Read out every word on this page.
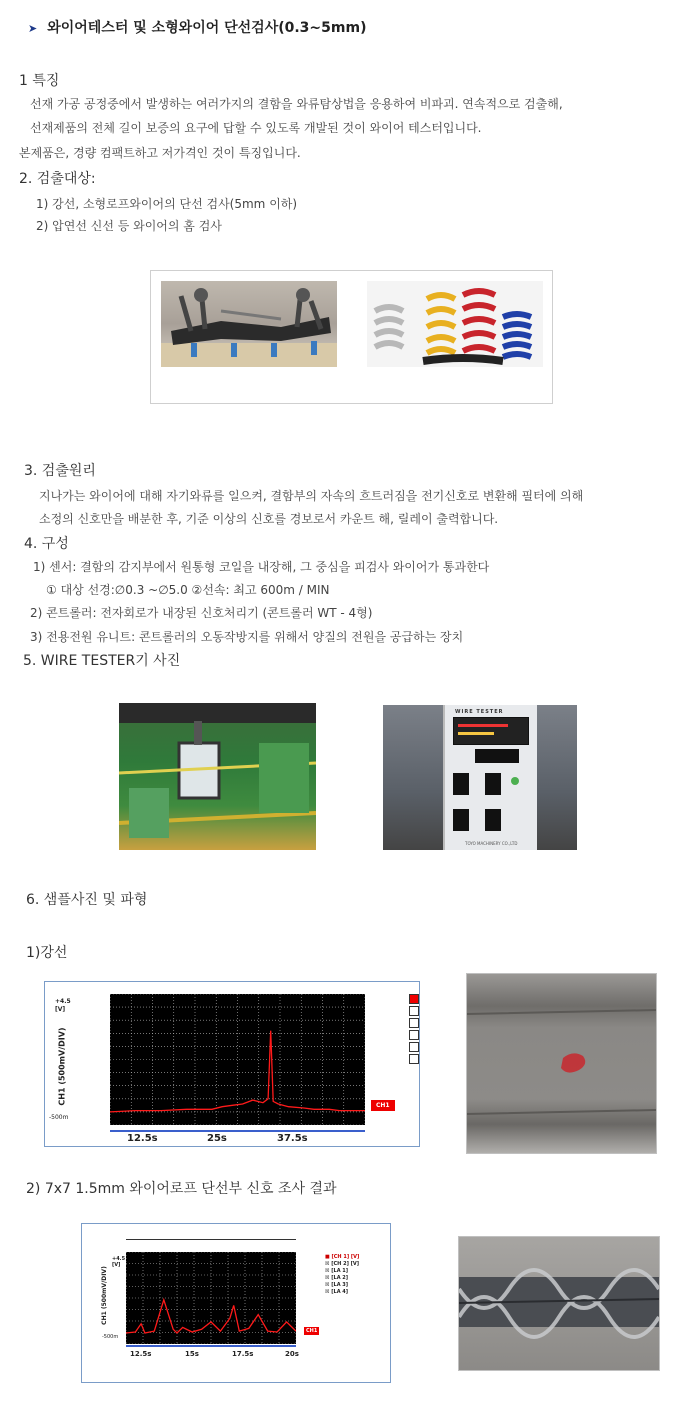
➤ 와이어테스터 및 소형와이어 단선검사(0.3~5mm)
1 특징
선재 가공 공정중에서 발생하는 여러가지의 결함을 와류탐상법을 응용하여 비파괴. 연속적으로 검출해,
선재제품의 전체 길이 보증의 요구에 답할 수 있도록 개발된 것이 와이어 테스터입니다.
본제품은, 경량 컴팩트하고 저가격인 것이 특징입니다.
2. 검출대상:
1) 강선, 소형로프와이어의 단선 검사(5mm 이하)
2) 압연선 신선 등 와이어의 홈 검사
3. 검출원리
지나가는 와이어에 대해 자기와류를 일으켜, 결함부의 자속의 흐트러짐을 전기신호로 변환해 필터에 의해
소정의 신호만을 배분한 후, 기준 이상의 신호를 경보로서 카운트 해, 릴레이 출력합니다.
4. 구성
1) 센서: 결함의 감지부에서 원통형 코일을 내장해, 그 중심을 피검사 와이어가 통과한다
① 대상 선경:∅0.3 ~∅5.0 ②선속: 최고 600m / MIN
2) 콘트롤러: 전자회로가 내장된 신호처리기 (콘트롤러 WT - 4형)
3) 전용전원 유니트: 콘트롤러의 오동작방지를 위해서 양질의 전원을 공급하는 장치
5. WIRE TESTER기 사진
WIRE TESTER
TOYO MACHINERY CO.,LTD
6. 샘플사진 및 파형
1)강선
+4.5
[V]
-500m
CH1 (500mV/DIV)
12.5s	25s	37.5s
CH1
2) 7x7 1.5mm 와이어로프 단선부 신호 조사 결과
+4.5
[V]
-500m
CH1 (500mV/DIV)
12.5s	15s	17.5s	20s
CH1
■ [CH 1] [V]
☒ [CH 2] [V]
☒ [LA 1]
☒ [LA 2]
☒ [LA 3]
☒ [LA 4]
